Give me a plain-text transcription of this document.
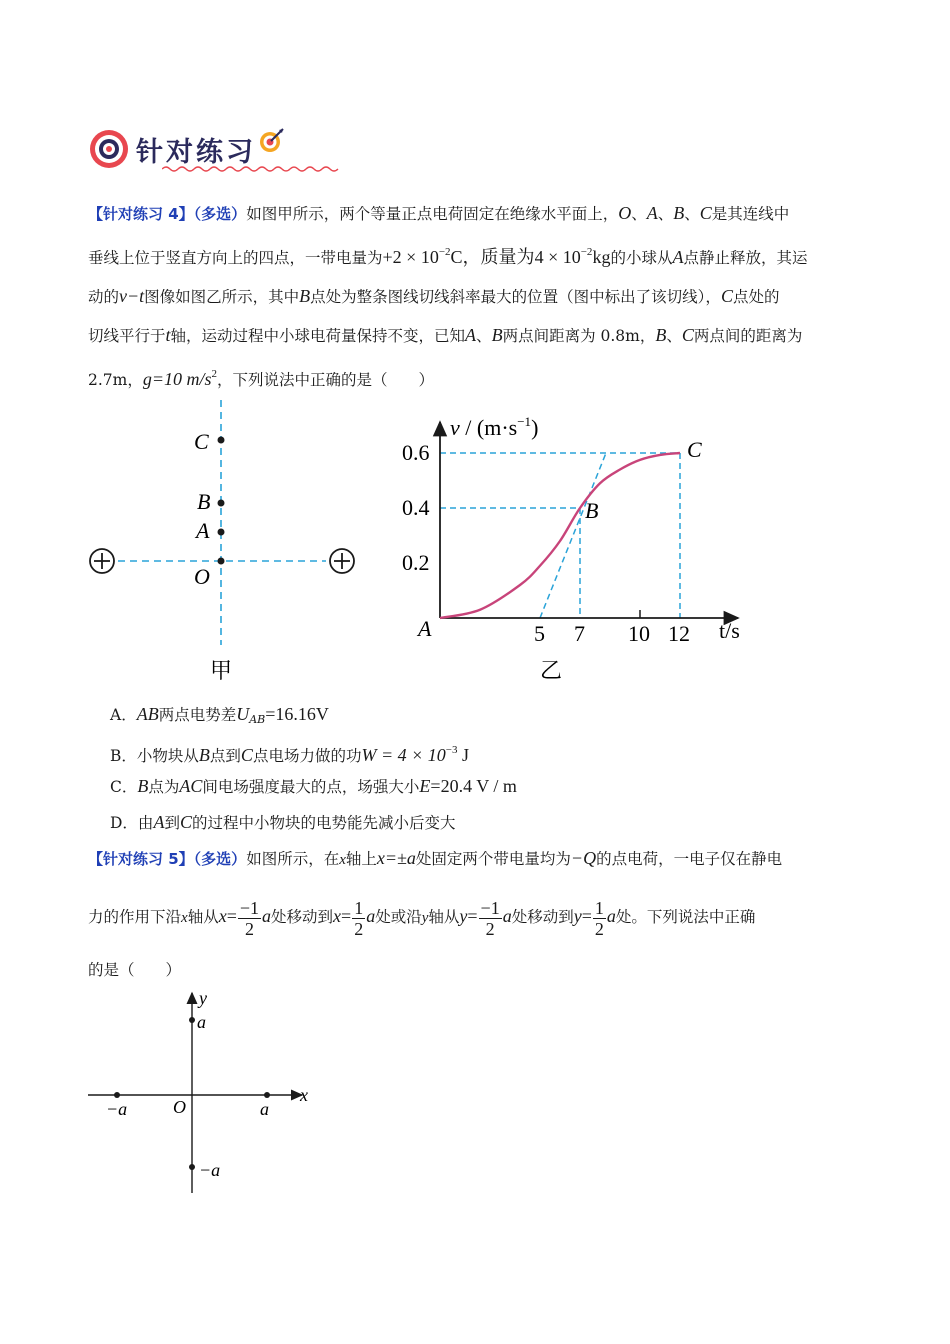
针对练习
【针对练习 4】（多选）如图甲所示，两个等量正点电荷固定在绝缘水平面上，O、A、B、C是其连线中
垂线上位于竖直方向上的四点，一带电量为$+2 \times 10^{-2}C$，质量为$4 \times 10^{-2}kg$的小球从A点静止释放，其运
动的v−t图像如图乙所示，其中B点处为整条图线切线斜率最大的位置（图中标出了该切线），C点处的
切线平行于t轴，运动过程中小球电荷量保持不变，已知A、B两点间距离为 0.8m，B、C两点间的距离为
2.7m，g=10 $m/s^2$，下列说法中正确的是（　　）
C
B
A
O
甲
0.6
0.4
0.2
5 7 10 12
$v / (m\cdot s^{-1})$
t/s
A
B
C
乙
A．AB两点电势差$U_{AB}=16.16V$
B．小物块从B点到C点电场力做的功$W = 4 \times 10^{-3}$ J
C．B点为AC间电场强度最大的点，场强大小E=20.4 V / m
D．由A到C的过程中小物块的电势能先减小后变大
【针对练习 5】（多选）如图所示，在x轴上x=±a处固定两个带电量均为−Q的点电荷，一电子仅在静电
力的作用下沿x轴从$x= \frac{-1}{2}$ a处移动到$x= \frac{1}{2}$ a处或沿y轴从$y= \frac{-1}{2}$ a处移动到$y= \frac{1}{2}$ a处。下列说法中正确
的是（　　）
x
y
O	a
−a
a
−a
